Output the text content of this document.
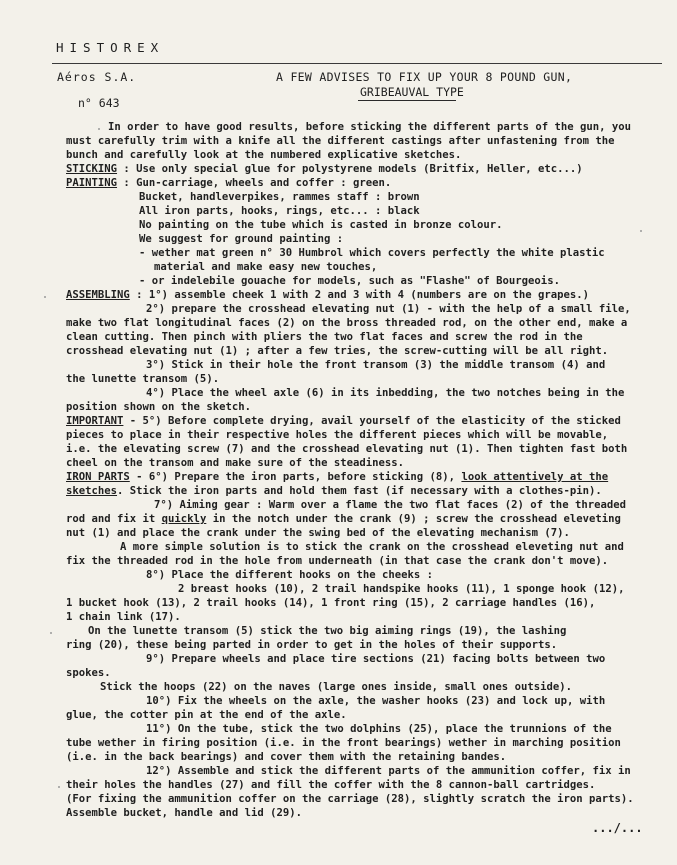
HISTOREX
Aéros S.A.	A FEW ADVISES TO FIX UP YOUR 8 POUND GUN,
GRIBEAUVAL TYPE
n° 643
In order to have good results, before sticking the different parts of the gun, you
must carefully trim with a knife all the different castings after unfastening from the
bunch and carefully look at the numbered explicative sketches.
STICKING : Use only special glue for polystyrene models (Britfix, Heller, etc...)
PAINTING : Gun-carriage, wheels and coffer : green.
Bucket, handleverpikes, rammes staff : brown
All iron parts, hooks, rings, etc... : black
No painting on the tube which is casted in bronze colour.
We suggest for ground painting :
- wether mat green n° 30 Humbrol which covers perfectly the white plastic
material and make easy new touches,
- or indelebile gouache for models, such as "Flashe" of Bourgeois.
ASSEMBLING : 1°) assemble cheek 1 with 2 and 3 with 4 (numbers are on the grapes.)
2°) prepare the crosshead elevating nut (1) - with the help of a small file,
make two flat longitudinal faces (2) on the bross threaded rod, on the other end, make a
clean cutting. Then pinch with pliers the two flat faces and screw the rod in the
crosshead elevating nut (1) ; after a few tries, the screw-cutting will be all right.
3°) Stick in their hole the front transom (3) the middle transom (4) and
the lunette transom (5).
4°) Place the wheel axle (6) in its inbedding, the two notches being in the
position shown on the sketch.
IMPORTANT - 5°) Before complete drying, avail yourself of the elasticity of the sticked
pieces to place in their respective holes the different pieces which will be movable,
i.e. the elevating screw (7) and the crosshead elevating nut (1). Then tighten fast both
cheel on the transom and make sure of the steadiness.
IRON PARTS - 6°) Prepare the iron parts, before sticking (8), look attentively at the
sketches. Stick the iron parts and hold them fast (if necessary with a clothes-pin).
7°) Aiming gear : Warm over a flame the two flat faces (2) of the threaded
rod and fix it quickly in the notch under the crank (9) ; screw the crosshead eleveting
nut (1) and place the crank under the swing bed of the elevating mechanism (7).
A more simple solution is to stick the crank on the crosshead eleveting nut and
fix the threaded rod in the hole from underneath (in that case the crank don't move).
8°) Place the different hooks on the cheeks :
2 breast hooks (10), 2 trail handspike hooks (11), 1 sponge hook (12),
1 bucket hook (13), 2 trail hooks (14), 1 front ring (15), 2 carriage handles (16),
1 chain link (17).
On the lunette transom (5) stick the two big aiming rings (19), the lashing
ring (20), these being parted in order to get in the holes of their supports.
9°) Prepare wheels and place tire sections (21) facing bolts between two
spokes.
Stick the hoops (22) on the naves (large ones inside, small ones outside).
10°) Fix the wheels on the axle, the washer hooks (23) and lock up, with
glue, the cotter pin at the end of the axle.
11°) On the tube, stick the two dolphins (25), place the trunnions of the
tube wether in firing position (i.e. in the front bearings) wether in marching position
(i.e. in the back bearings) and cover them with the retaining bandes.
12°) Assemble and stick the different parts of the ammunition coffer, fix in
their holes the handles (27) and fill the coffer with the 8 cannon-ball cartridges.
(For fixing the ammunition coffer on the carriage (28), slightly scratch the iron parts).
Assemble bucket, handle and lid (29).
.../...
